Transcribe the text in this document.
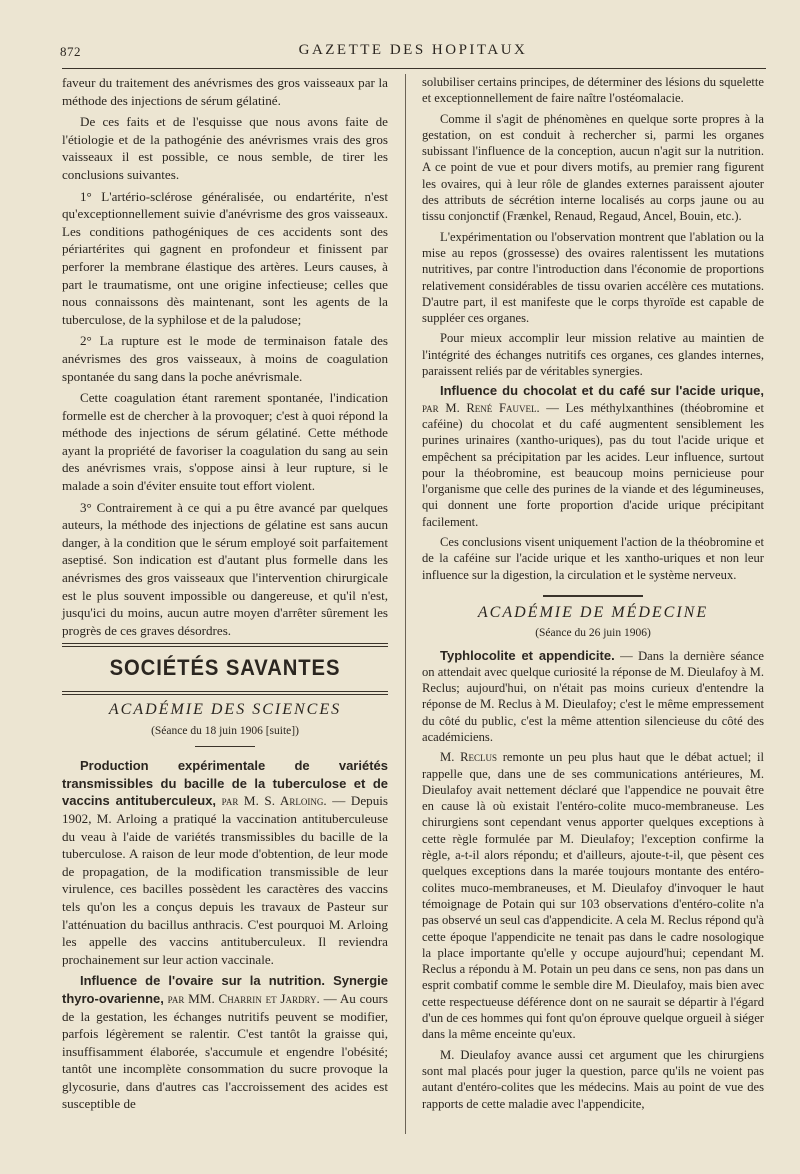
872	GAZETTE DES HOPITAUX

faveur du traitement des anévrismes des gros vaisseaux par la méthode des injections de sérum gélatiné.

De ces faits et de l'esquisse que nous avons faite de l'étiologie et de la pathogénie des anévrismes vrais des gros vaisseaux il est possible, ce nous semble, de tirer les conclusions suivantes.

1° L'artério-sclérose généralisée, ou endartérite, n'est qu'exceptionnellement suivie d'anévrisme des gros vaisseaux. Les conditions pathogéniques de ces accidents sont des périartérites qui gagnent en profondeur et finissent par perforer la membrane élastique des artères. Leurs causes, à part le traumatisme, ont une origine infectieuse; celles que nous connaissons dès maintenant, sont les agents de la tuberculose, de la syphilose et de la paludose;

2° La rupture est le mode de terminaison fatale des anévrismes des gros vaisseaux, à moins de coagulation spontanée du sang dans la poche anévrismale.

Cette coagulation étant rarement spontanée, l'indication formelle est de chercher à la provoquer; c'est à quoi répond la méthode des injections de sérum gélatiné. Cette méthode ayant la propriété de favoriser la coagulation du sang au sein des anévrismes vrais, s'oppose ainsi à leur rupture, si le malade a soin d'éviter ensuite tout effort violent.

3° Contrairement à ce qui a pu être avancé par quelques auteurs, la méthode des injections de gélatine est sans aucun danger, à la condition que le sérum employé soit parfaitement aseptisé. Son indication est d'autant plus formelle dans les anévrismes des gros vaisseaux que l'intervention chirurgicale est le plus souvent impossible ou dangereuse, et qu'il n'est, jusqu'ici du moins, aucun autre moyen d'arrêter sûrement les progrès de ces graves désordres.

SOCIÉTÉS SAVANTES
ACADÉMIE DES SCIENCES
(Séance du 18 juin 1906 [suite])

Production expérimentale de variétés transmissibles du bacille de la tuberculose et de vaccins antituberculeux, par M. S. Arloing. — Depuis 1902, M. Arloing a pratiqué la vaccination antituberculeuse du veau à l'aide de variétés transmissibles du bacille de la tuberculose. A raison de leur mode d'obtention, de leur mode de propagation, de la modification transmissible de leur virulence, ces bacilles possèdent les caractères des vaccins tels qu'on les a conçus depuis les travaux de Pasteur sur l'atténuation du bacillus anthracis. C'est pourquoi M. Arloing les appelle des vaccins antituberculeux. Il reviendra prochainement sur leur action vaccinale.

Influence de l'ovaire sur la nutrition. Synergie thyro-ovarienne, par MM. Charrin et Jardry. — Au cours de la gestation, les échanges nutritifs peuvent se modifier, parfois légèrement se ralentir. C'est tantôt la graisse qui, insuffisamment élaborée, s'accumule et engendre l'obésité; tantôt une incomplète consommation du sucre provoque la glycosurie, dans d'autres cas l'accroissement des acides est susceptible de

solubiliser certains principes, de déterminer des lésions du squelette et exceptionnellement de faire naître l'ostéomalacie.

Comme il s'agit de phénomènes en quelque sorte propres à la gestation, on est conduit à rechercher si, parmi les organes subissant l'influence de la conception, aucun n'agit sur la nutrition. A ce point de vue et pour divers motifs, au premier rang figurent les ovaires, qui à leur rôle de glandes externes paraissent ajouter des attributs de sécrétion interne localisés au corps jaune ou au tissu conjonctif (Frænkel, Renaud, Regaud, Ancel, Bouin, etc.).

L'expérimentation ou l'observation montrent que l'ablation ou la mise au repos (grossesse) des ovaires ralentissent les mutations nutritives, par contre l'introduction dans l'économie de proportions relativement considérables de tissu ovarien accélère ces mutations. D'autre part, il est manifeste que le corps thyroïde est capable de suppléer ces organes.

Pour mieux accomplir leur mission relative au maintien de l'intégrité des échanges nutritifs ces organes, ces glandes internes, paraissent reliés par de véritables synergies.

Influence du chocolat et du café sur l'acide urique, par M. René Fauvel. — Les méthylxanthines (théobromine et caféine) du chocolat et du café augmentent sensiblement les purines urinaires (xantho-uriques), pas du tout l'acide urique et empêchent sa précipitation par les acides. Leur influence, surtout pour la théobromine, est beaucoup moins pernicieuse pour l'organisme que celle des purines de la viande et des légumineuses, qui donnent une forte proportion d'acide urique précipitant facilement.

Ces conclusions visent uniquement l'action de la théobromine et de la caféine sur l'acide urique et les xantho-uriques et non leur influence sur la digestion, la circulation et le système nerveux.

ACADÉMIE DE MÉDECINE
(Séance du 26 juin 1906)

Typhlocolite et appendicite. — Dans la dernière séance on attendait avec quelque curiosité la réponse de M. Dieulafoy à M. Reclus; aujourd'hui, on n'était pas moins curieux d'entendre la réponse de M. Reclus à M. Dieulafoy; c'est le même empressement du côté du public, c'est la même attention silencieuse du côté des académiciens.

M. Reclus remonte un peu plus haut que le débat actuel; il rappelle que, dans une de ses communications antérieures, M. Dieulafoy avait nettement déclaré que l'appendice ne pouvait être en cause là où existait l'entéro-colite muco-membraneuse. Les chirurgiens sont cependant venus apporter quelques exceptions à cette règle formulée par M. Dieulafoy; l'exception confirme la règle, a-t-il alors répondu; et d'ailleurs, ajoute-t-il, que pèsent ces quelques exceptions dans la marée toujours montante des entéro-colites muco-membraneuses, et M. Dieulafoy d'invoquer le haut témoignage de Potain qui sur 103 observations d'entéro-colite n'a pas observé un seul cas d'appendicite. A cela M. Reclus répond qu'à cette époque l'appendicite ne tenait pas dans le cadre nosologique la place importante qu'elle y occupe aujourd'hui; cependant M. Reclus a répondu à M. Potain un peu dans ce sens, non pas dans un esprit combatif comme le semble dire M. Dieulafoy, mais bien avec cette respectueuse déférence dont on ne saurait se départir à l'égard d'un de ces hommes qui font qu'on éprouve quelque orgueil à siéger dans la même enceinte qu'eux.

M. Dieulafoy avance aussi cet argument que les chirurgiens sont mal placés pour juger la question, parce qu'ils ne voient pas autant d'entéro-colites que les médecins. Mais au point de vue des rapports de cette maladie avec l'appendicite,
